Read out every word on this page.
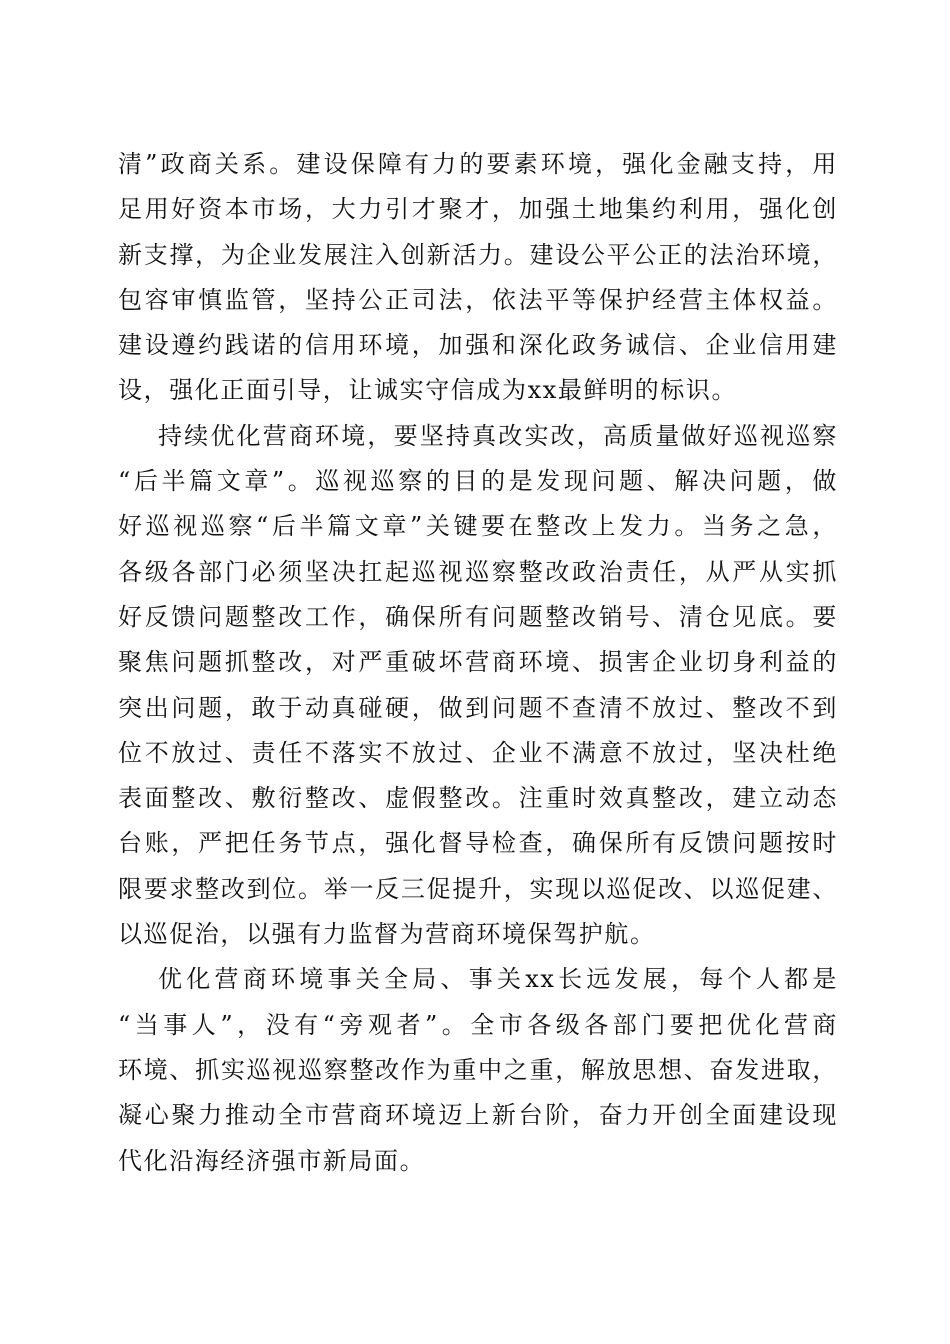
清”政商关系。建设保障有力的要素环境，强化金融支持，用
足用好资本市场，大力引才聚才，加强土地集约利用，强化创
新支撑，为企业发展注入创新活力。建设公平公正的法治环境，
包容审慎监管，坚持公正司法，依法平等保护经营主体权益。
建设遵约践诺的信用环境，加强和深化政务诚信、企业信用建
设，强化正面引导，让诚实守信成为xx最鲜明的标识。
持续优化营商环境，要坚持真改实改，高质量做好巡视巡察
“后半篇文章”。巡视巡察的目的是发现问题、解决问题，做
好巡视巡察“后半篇文章”关键要在整改上发力。当务之急，
各级各部门必须坚决扛起巡视巡察整改政治责任，从严从实抓
好反馈问题整改工作，确保所有问题整改销号、清仓见底。要
聚焦问题抓整改，对严重破坏营商环境、损害企业切身利益的
突出问题，敢于动真碰硬，做到问题不查清不放过、整改不到
位不放过、责任不落实不放过、企业不满意不放过，坚决杜绝
表面整改、敷衍整改、虚假整改。注重时效真整改，建立动态
台账，严把任务节点，强化督导检查，确保所有反馈问题按时
限要求整改到位。举一反三促提升，实现以巡促改、以巡促建、
以巡促治，以强有力监督为营商环境保驾护航。
优化营商环境事关全局、事关xx长远发展，每个人都是
“当事人”，没有“旁观者”。全市各级各部门要把优化营商
环境、抓实巡视巡察整改作为重中之重，解放思想、奋发进取，
凝心聚力推动全市营商环境迈上新台阶，奋力开创全面建设现
代化沿海经济强市新局面。
